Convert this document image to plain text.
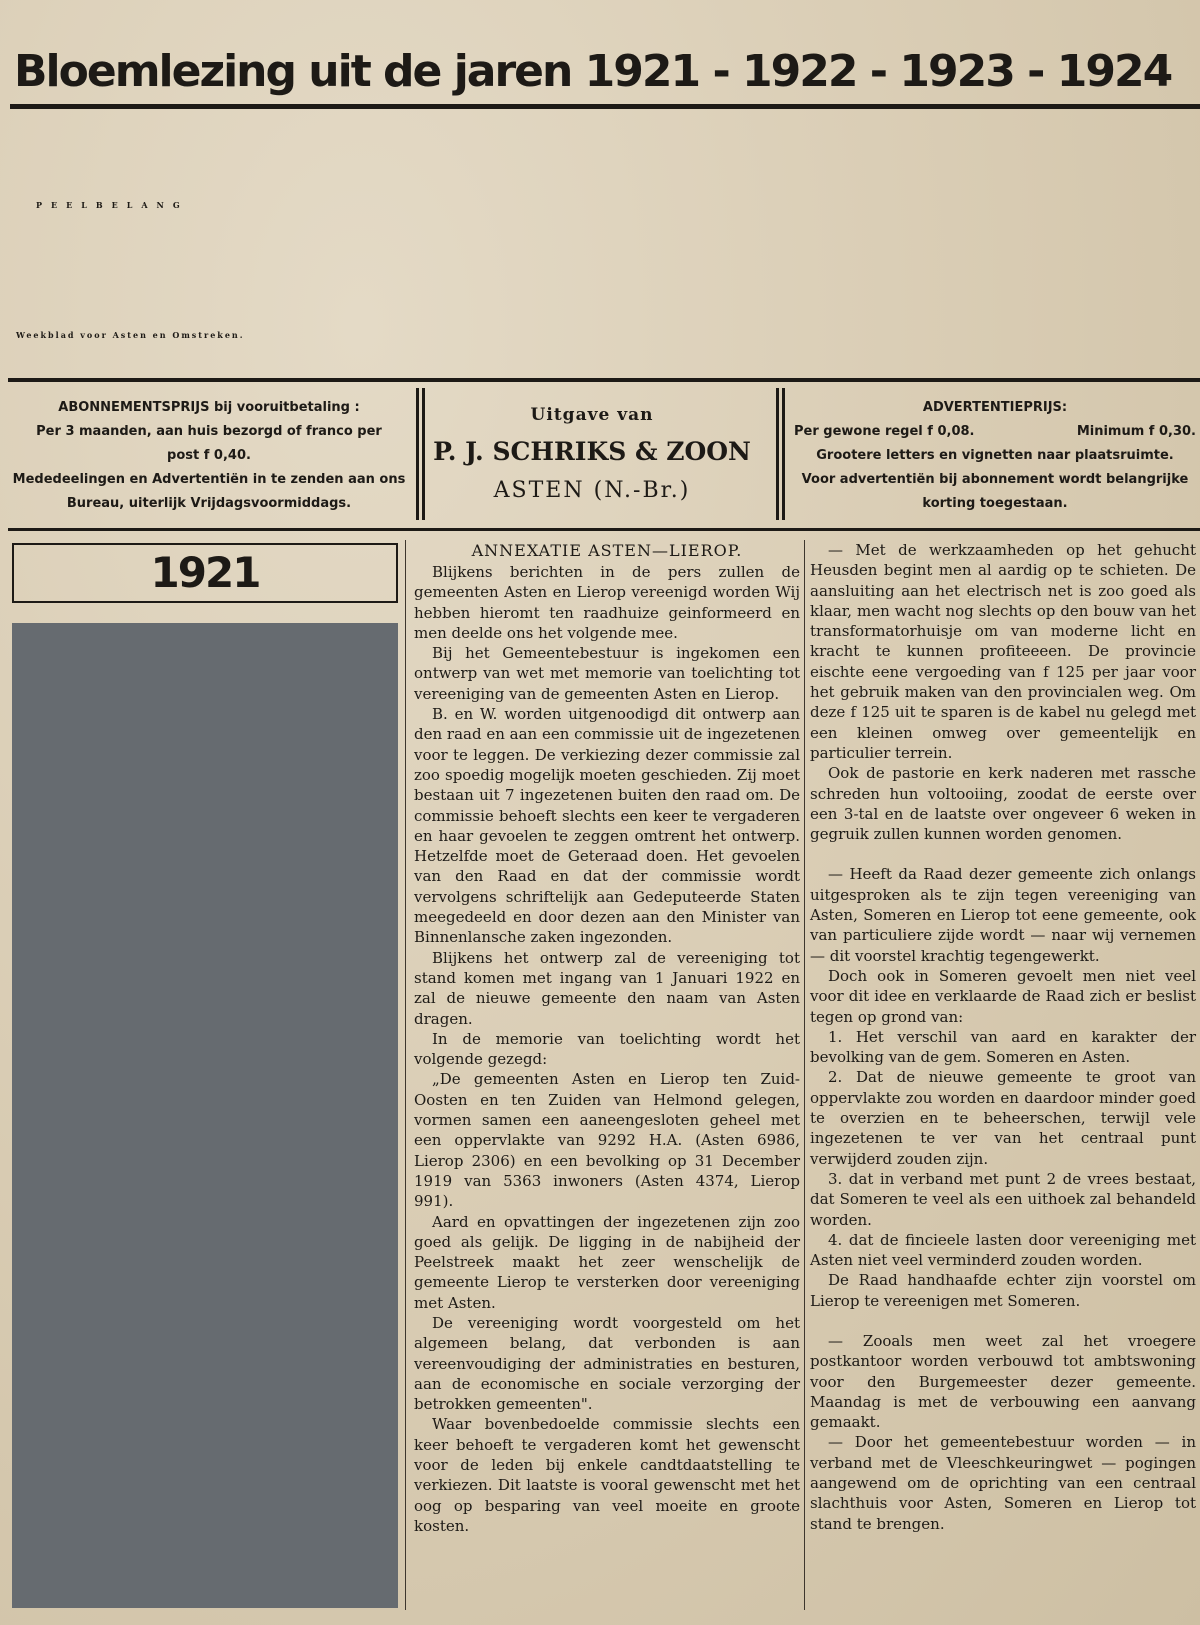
Bloemlezing uit de jaren 1921 - 1922 - 1923 - 1924
PEELBELANG
Weekblad voor Asten en Omstreken.
ABONNEMENTSPRIJS bij vooruitbetaling :
Per 3 maanden, aan huis bezorgd of franco per
post f 0,40.
Mededeelingen en Advertentiën in te zenden aan ons
Bureau, uiterlijk Vrijdagsvoormiddags.
Uitgave van
P. J. SCHRIKS & ZOON
ASTEN (N.-Br.)
ADVERTENTIEPRIJS:
Per gewone regel f 0,08.	Minimum f 0,30.
Grootere letters en vignetten naar plaatsruimte.
Voor advertentiën bij abonnement wordt belangrijke
korting toegestaan.
1921	ANNEXATIE ASTEN—LIEROP.

Blijkens berichten in de pers zullen de gemeenten Asten en Lierop vereenigd worden Wij hebben hieromt ten raadhuize geinformeerd en men deelde ons het volgende mee.

Bij het Gemeentebestuur is ingekomen een ontwerp van wet met memorie van toelichting tot vereeniging van de gemeenten Asten en Lierop.

B. en W. worden uitgenoodigd dit ontwerp aan den raad en aan een commissie uit de ingezetenen voor te leggen. De verkiezing dezer commissie zal zoo spoedig mogelijk moeten geschieden. Zij moet bestaan uit 7 ingezetenen buiten den raad om. De commissie behoeft slechts een keer te vergaderen en haar gevoelen te zeggen omtrent het ontwerp. Hetzelfde moet de Geteraad doen. Het gevoelen van den Raad en dat der commissie wordt vervolgens schriftelijk aan Gedeputeerde Staten meegedeeld en door dezen aan den Minister van Binnenlansche zaken ingezonden.

Blijkens het ontwerp zal de vereeniging tot stand komen met ingang van 1 Januari 1922 en zal de nieuwe gemeente den naam van Asten dragen.

In de memorie van toelichting wordt het volgende gezegd:

„De gemeenten Asten en Lierop ten Zuid-Oosten en ten Zuiden van Helmond gelegen, vormen samen een aaneengesloten geheel met een oppervlakte van 9292 H.A. (Asten 6986, Lierop 2306) en een bevolking op 31 December 1919 van 5363 inwoners (Asten 4374, Lierop 991).

Aard en opvattingen der ingezetenen zijn zoo goed als gelijk. De ligging in de nabijheid der Peelstreek maakt het zeer wenschelijk de gemeente Lierop te versterken door vereeniging met Asten.

De vereeniging wordt voorgesteld om het algemeen belang, dat verbonden is aan vereenvoudiging der administraties en besturen, aan de economische en sociale verzorging der betrokken gemeenten".

Waar bovenbedoelde commissie slechts een keer behoeft te vergaderen komt het gewenscht voor de leden bij enkele candtdaatstelling te verkiezen. Dit laatste is vooral gewenscht met het oog op besparing van veel moeite en groote kosten.

— Met de werkzaamheden op het gehucht Heusden begint men al aardig op te schieten. De aansluiting aan het electrisch net is zoo goed als klaar, men wacht nog slechts op den bouw van het transformatorhuisje om van moderne licht en kracht te kunnen profiteeeen. De provincie eischte eene vergoeding van f 125 per jaar voor het gebruik maken van den provincialen weg. Om deze f 125 uit te sparen is de kabel nu gelegd met een kleinen omweg over gemeentelijk en particulier terrein.

Ook de pastorie en kerk naderen met rassche schreden hun voltooiing, zoodat de eerste over een 3-tal en de laatste over ongeveer 6 weken in gegruik zullen kunnen worden genomen.

— Heeft da Raad dezer gemeente zich onlangs uitgesproken als te zijn tegen vereeniging van Asten, Someren en Lierop tot eene gemeente, ook van particuliere zijde wordt — naar wij vernemen — dit voorstel krachtig tegengewerkt.

Doch ook in Someren gevoelt men niet veel voor dit idee en verklaarde de Raad zich er beslist tegen op grond van:

1. Het verschil van aard en karakter der bevolking van de gem. Someren en Asten.

2. Dat de nieuwe gemeente te groot van oppervlakte zou worden en daardoor minder goed te overzien en te beheerschen, terwijl vele ingezetenen te ver van het centraal punt verwijderd zouden zijn.

3. dat in verband met punt 2 de vrees bestaat, dat Someren te veel als een uithoek zal behandeld worden.

4. dat de fincieele lasten door vereeniging met Asten niet veel verminderd zouden worden.

De Raad handhaafde echter zijn voorstel om Lierop te vereenigen met Someren.

— Zooals men weet zal het vroegere postkantoor worden verbouwd tot ambtswoning voor den Burgemeester dezer gemeente. Maandag is met de verbouwing een aanvang gemaakt.

— Door het gemeentebestuur worden — in verband met de Vleeschkeuringwet — pogingen aangewend om de oprichting van een centraal slachthuis voor Asten, Someren en Lierop tot stand te brengen.
